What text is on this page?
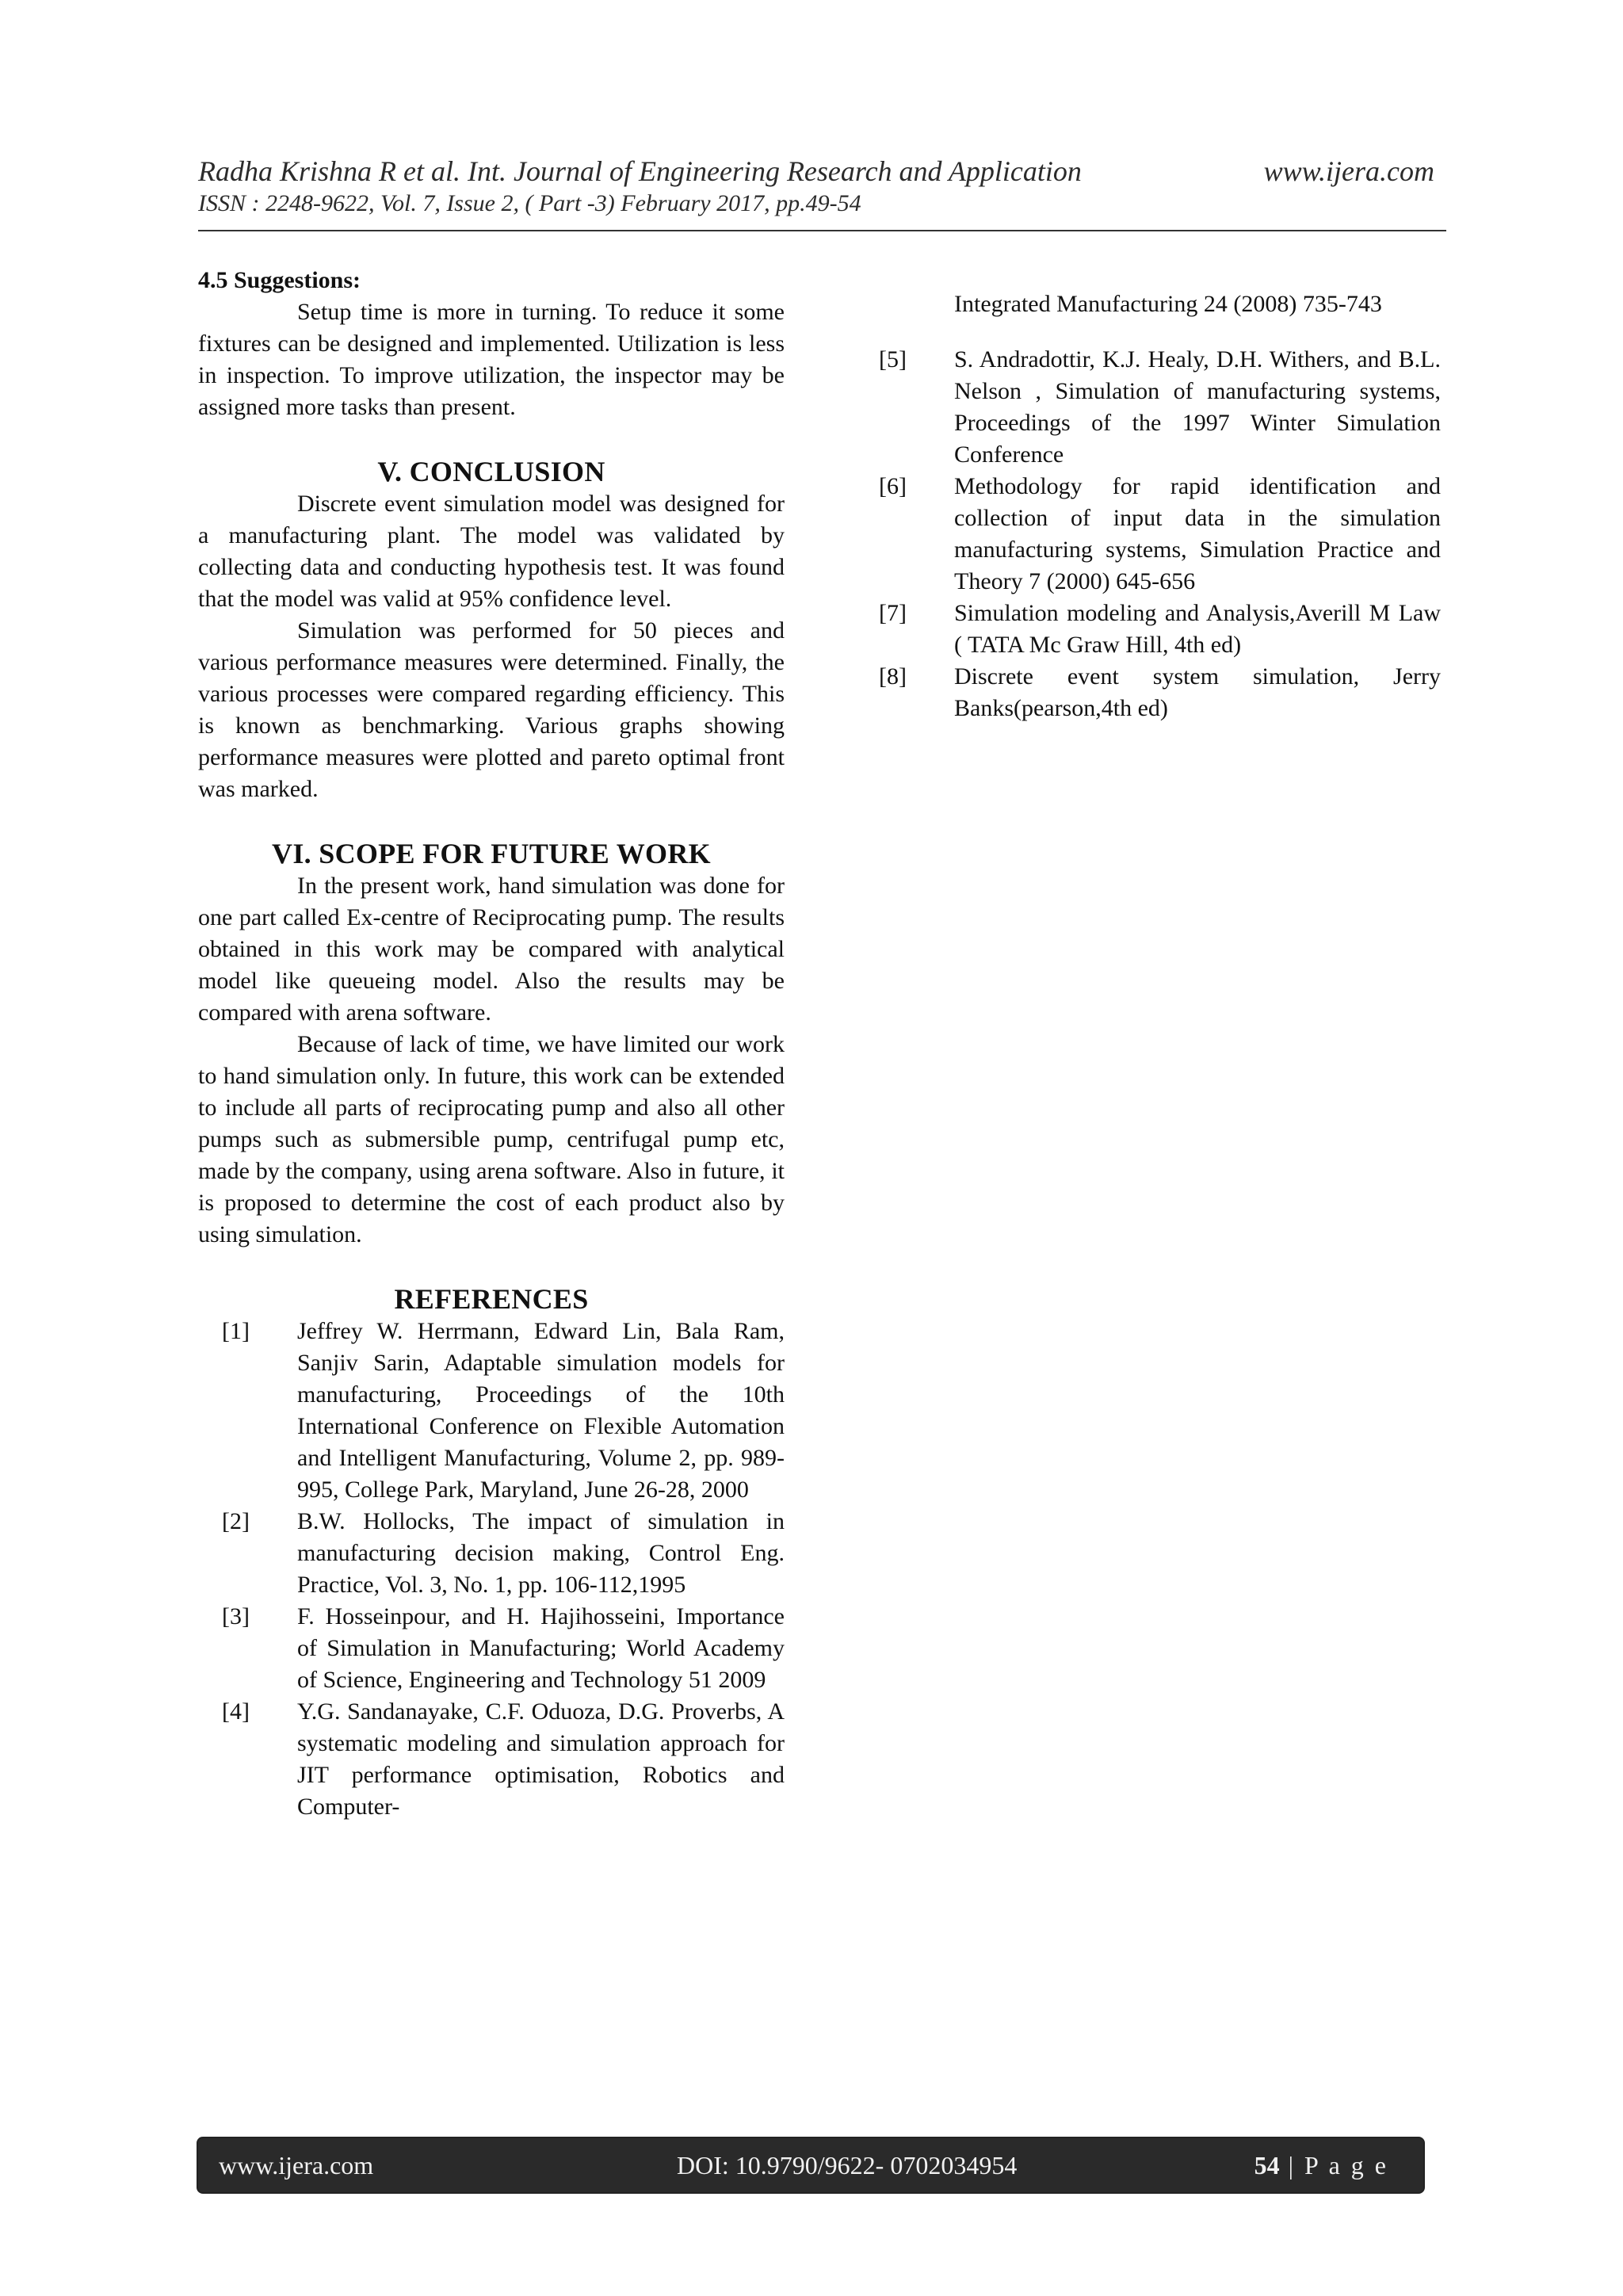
Radha Krishna R et al. Int. Journal of Engineering Research and Application	www.ijera.com
ISSN : 2248-9622, Vol. 7, Issue 2, ( Part -3) February 2017, pp.49-54

4.5 Suggestions:

Setup time is more in turning. To reduce it some fixtures can be designed and implemented. Utilization is less in inspection. To improve utilization, the inspector may be assigned more tasks than present.

V. CONCLUSION

Discrete event simulation model was designed for a manufacturing plant. The model was validated by collecting data and conducting hypothesis test. It was found that the model was valid at 95% confidence level.

Simulation was performed for 50 pieces and various performance measures were determined. Finally, the various processes were compared regarding efficiency. This is known as benchmarking. Various graphs showing performance measures were plotted and pareto optimal front was marked.

VI. SCOPE FOR FUTURE WORK

In the present work, hand simulation was done for one part called Ex-centre of Reciprocating pump. The results obtained in this work may be compared with analytical model like queueing model. Also the results may be compared with arena software.

Because of lack of time, we have limited our work to hand simulation only. In future, this work can be extended to include all parts of reciprocating pump and also all other pumps such as submersible pump, centrifugal pump etc, made by the company, using arena software. Also in future, it is proposed to determine the cost of each product also by using simulation.

REFERENCES

[1]	Jeffrey W. Herrmann, Edward Lin, Bala Ram, Sanjiv Sarin, Adaptable simulation models for manufacturing, Proceedings of the 10th International Conference on Flexible Automation and Intelligent Manufacturing, Volume 2, pp. 989-995, College Park, Maryland, June 26-28, 2000
[2]	B.W. Hollocks, The impact of simulation in manufacturing decision making, Control Eng. Practice, Vol. 3, No. 1, pp. 106-112,1995
[3]	F. Hosseinpour, and H. Hajihosseini, Importance of Simulation in Manufacturing; World Academy of Science, Engineering and Technology 51 2009
[4]	Y.G. Sandanayake, C.F. Oduoza, D.G. Proverbs, A systematic modeling and simulation approach for JIT performance optimisation, Robotics and Computer-

Integrated Manufacturing 24 (2008) 735-743

[5]	S. Andradottir, K.J. Healy, D.H. Withers, and B.L. Nelson , Simulation of manufacturing systems, Proceedings of the 1997 Winter Simulation Conference
[6]	Methodology for rapid identification and collection of input data in the simulation manufacturing systems, Simulation Practice and Theory 7 (2000) 645-656
[7]	Simulation modeling and Analysis,Averill M Law ( TATA Mc Graw Hill, 4th ed)
[8]	Discrete event system simulation, Jerry Banks(pearson,4th ed)
www.ijera.com	DOI: 10.9790/9622- 0702034954	54 | P a g e
